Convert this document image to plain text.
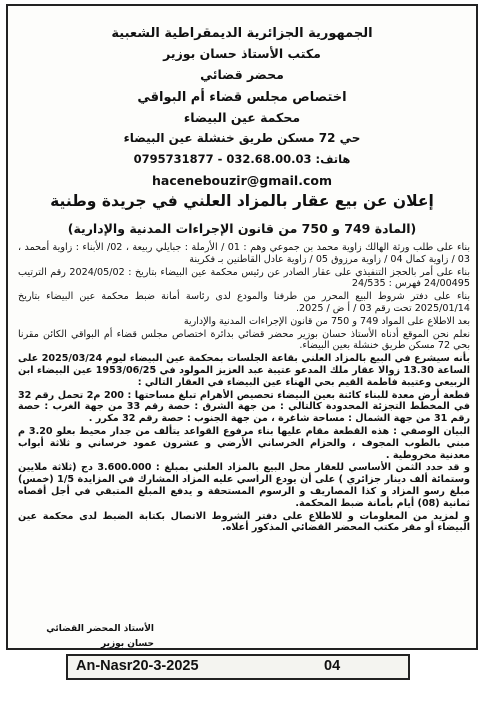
الجمهورية الجزائرية الديمقراطية الشعبية
مكتب الأستاذ حسان بوزير
محضر قضائي
اختصاص مجلس قضاء أم البواقي
محكمة عين البيضاء
حي 72 مسكن طريق خنشلة عين البيضاء
هاتف: 032.68.00.03 - 0795731877
hacenebouzir@gmail.com
إعلان عن بيع عقار بالمزاد العلني في جريدة وطنية
(المادة 749 و 750 من قانون الإجراءات المدنية والإدارية)

بناء على طلب ورثة الهالك زاوية محمد بن جموعي وهم : 01 / الأرملة : جبايلي ربيعة ، 02/ الأبناء : زاوية أمحمد ، 03 / زاوية كمال 04 / زاوية مرزوق 05 / زاوية عادل القاطنين بـ فكرينة

بناء على أمر بالحجز التنفيذي على عقار الصادر عن رئيس محكمة عين البيضاء بتاريخ : 2024/05/02 رقم الترتيب 24/00495 فهرس : 24/535

بناء على دفتر شروط البيع المحرر من طرفنا والمودع لدى رئاسة أمانة ضبط محكمة عين البيضاء بتاريخ 2025/01/14 تحت رقم 03 / أ ض / 2025.

بعد الاطلاع على المواد 749 و 750 من قانون الإجراءات المدنية والإدارية

نعلم نحن الموقع أدناه الأستاذ حسان بوزير محضر قضائي بدائرة اختصاص مجلس قضاء أم البواقي الكائن مقرنا بحي 72 مسكن طريق خنشلة بعين البيضاء.

بأنه سيشرع في البيع بالمزاد العلني بقاعة الجلسات بمحكمة عين البيضاء ليوم 2025/03/24 على الساعة 13.30 زوالا عقار ملك المدعو عتيبة عبد العزيز المولود في 1953/06/25 عين البيضاء ابن الربيعي وعتيبة فاطمة القيم بحي الهناء عين البيضاء في العقار التالي :

قطعة أرض معدة للبناء كائنة بعين البيضاء تحصيص الأهرام تبلغ مساحتها : 200 م2 تحمل رقم 32 في المخطط التجزئة المحدودة كالتالي : من جهة الشرق : حصة رقم 33 من جهة الغرب : حصة رقم 31 من جهة الشمال : مساحة شاغرة ، من جهة الجنوب : حصة رقم 32 مكرر .

البيان الوصفي : هذه القطعة مقام عليها بناء مرفوع القواعد يتألف من جدار محيط بعلو 3.20 م مبني بالطوب المجوف ، والحزام الخرساني الأرضي و عشرون عمود خرساني و ثلاثة أبواب معدنية مخروطية .

و قد حدد الثمن الأساسي للعقار محل البيع بالمزاد العلني بمبلغ : 3.600.000 دج (ثلاثة ملايين وستمائة ألف دينار جزائري ) على أن يودع الراسي عليه المزاد المشارك في المزايدة 1/5 (خمس) مبلغ رسو المزاد و كذا المصاريف و الرسوم المستحقة و يدفع المبلغ المتبقي في أجل أقصاه ثمانية (08) أيام بأمانة ضبط المحكمة.

و لمزيد من المعلومات و للاطلاع على دفتر الشروط الاتصال بكتابة الضبط لدى محكمة عين البيضاء أو مقر مكتب المحضر القضائي المذكور أعلاه.

الأستاذ المحضر القضائي
حسان بوزير
An-Nasr20-3-2025	04
